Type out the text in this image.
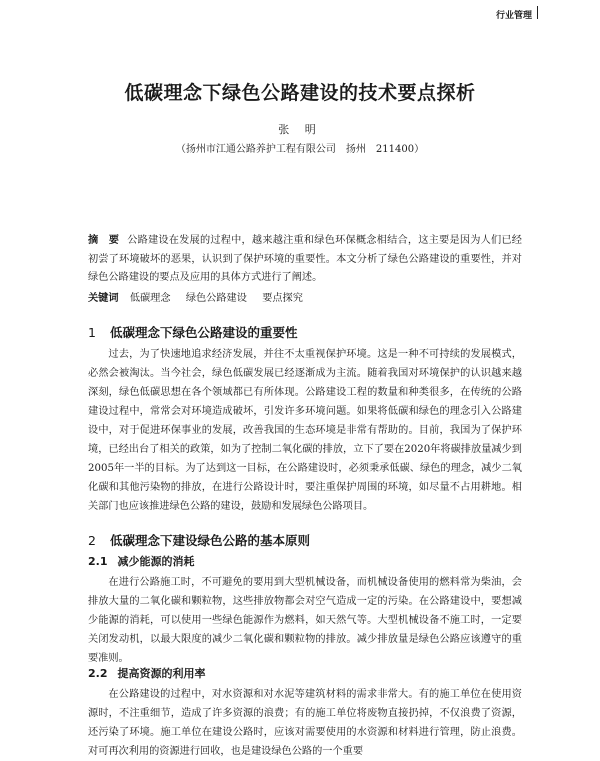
行业管理
低碳理念下绿色公路建设的技术要点探析
张 明
（扬州市江通公路养护工程有限公司　扬州　211400）
摘　要 公路建设在发展的过程中，越来越注重和绿色环保概念相结合，这主要是因为人们已经初尝了环境破坏的恶果，认识到了保护环境的重要性。本文分析了绿色公路建设的重要性，并对绿色公路建设的要点及应用的具体方式进行了阐述。
关键词 低碳理念 绿色公路建设 要点探究
1 低碳理念下绿色公路建设的重要性

过去，为了快速地追求经济发展，并往不太重视保护环境。这是一种不可持续的发展模式，必然会被淘汰。当今社会，绿色低碳发展已经逐渐成为主流。随着我国对环境保护的认识越来越深刻，绿色低碳思想在各个领域都已有所体现。公路建设工程的数量和种类很多，在传统的公路建设过程中，常常会对环境造成破坏，引发许多环境问题。如果将低碳和绿色的理念引入公路建设中，对于促进环保事业的发展，改善我国的生态环境是非常有帮助的。目前，我国为了保护环境，已经出台了相关的政策，如为了控制二氧化碳的排放，立下了要在2020年将碳排放量减少到2005年一半的目标。为了达到这一目标，在公路建设时，必须秉承低碳、绿色的理念，减少二氧化碳和其他污染物的排放，在进行公路设计时，要注重保护周围的环境，如尽量不占用耕地。相关部门也应该推进绿色公路的建设，鼓励和发展绿色公路项目。

2 低碳理念下建设绿色公路的基本原则
2.1 减少能源的消耗

在进行公路施工时，不可避免的要用到大型机械设备，而机械设备使用的燃料常为柴油，会排放大量的二氧化碳和颗粒物，这些排放物都会对空气造成一定的污染。在公路建设中，要想减少能源的消耗，可以使用一些绿色能源作为燃料，如天然气等。大型机械设备不施工时，一定要关闭发动机，以最大限度的减少二氧化碳和颗粒物的排放。减少排放量是绿色公路应该遵守的重要准则。

2.2 提高资源的利用率

在公路建设的过程中，对水资源和对水泥等建筑材料的需求非常大。有的施工单位在使用资源时，不注重细节，造成了许多资源的浪费；有的施工单位将废物直接扔掉，不仅浪费了资源，还污染了环境。施工单位在建设公路时，应该对需要使用的水资源和材料进行管理，防止浪费。对可再次利用的资源进行回收，也是建设绿色公路的一个重要
